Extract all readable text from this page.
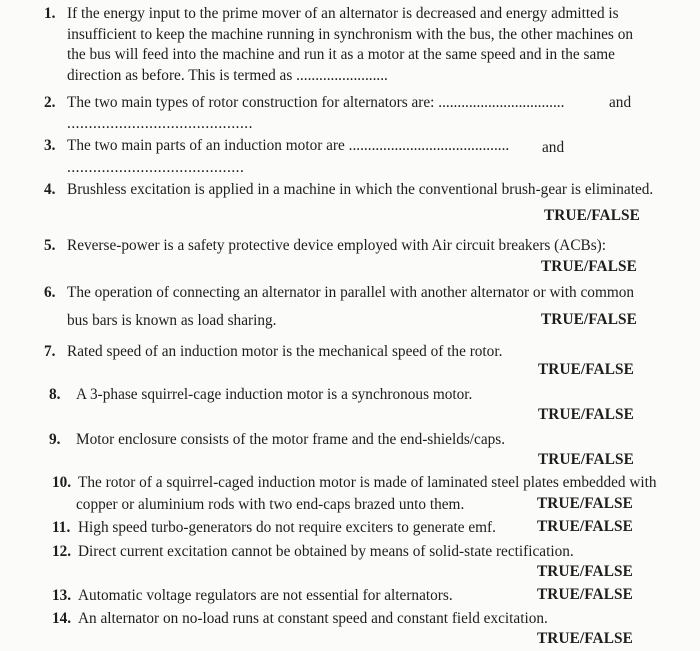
1. If the energy input to the prime mover of an alternator is decreased and energy admitted is insufficient to keep the machine running in synchronism with the bus, the other machines on the bus will feed into the machine and run it as a motor at the same speed and in the same direction as before. This is termed as ........................
2. The two main types of rotor construction for alternators are: .................................	and
...........................................
3. The two main parts of an induction motor are .......................................... and
.........................................
4. Brushless excitation is applied in a machine in which the conventional brush-gear is eliminated.
TRUE/FALSE
5. Reverse-power is a safety protective device employed with Air circuit breakers (ACBs):
TRUE/FALSE
6. The operation of connecting an alternator in parallel with another alternator or with common
bus bars is known as load sharing.	TRUE/FALSE
7. Rated speed of an induction motor is the mechanical speed of the rotor.
TRUE/FALSE
8. A 3-phase squirrel-cage induction motor is a synchronous motor.
TRUE/FALSE
9. Motor enclosure consists of the motor frame and the end-shields/caps.
TRUE/FALSE
10. The rotor of a squirrel-caged induction motor is made of laminated steel plates embedded with
copper or aluminium rods with two end-caps brazed unto them.	TRUE/FALSE
11. High speed turbo-generators do not require exciters to generate emf.	TRUE/FALSE
12. Direct current excitation cannot be obtained by means of solid-state rectification.
TRUE/FALSE
13. Automatic voltage regulators are not essential for alternators.	TRUE/FALSE
14. An alternator on no-load runs at constant speed and constant field excitation.
TRUE/FALSE
